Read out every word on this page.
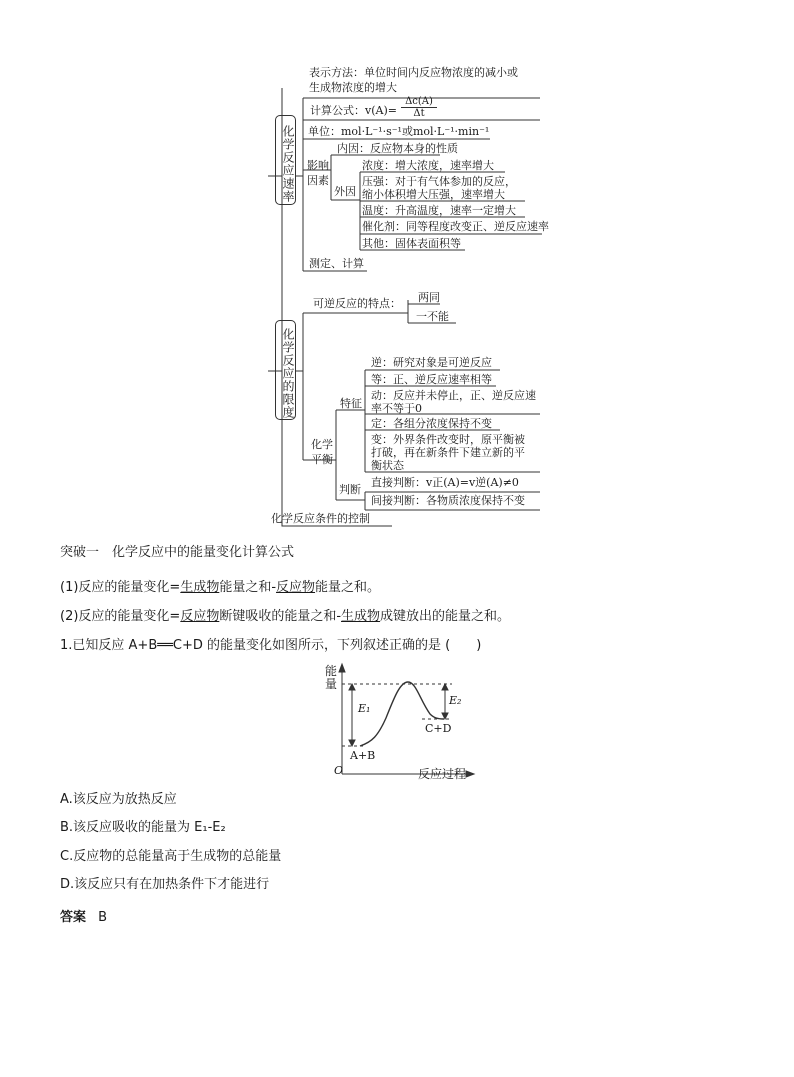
化学反应速率
化学反应的限度
表示方法：单位时间内反应物浓度的减小或
生成物浓度的增大
计算公式：$v(A)= \frac{\Delta c(A)}{\Delta t}$
单位：mol·L⁻¹·s⁻¹或mol·L⁻¹·min⁻¹
内因：反应物本身的性质
影响因素
外因
浓度：增大浓度，速率增大
压强：对于有气体参加的反应，
缩小体积增大压强，速率增大
温度：升高温度，速率一定增大
催化剂：同等程度改变正、逆反应速率
其他：固体表面积等
测定、计算
可逆反应的特点： 两同
一不能
化学平衡
特征
逆：研究对象是可逆反应
等：正、逆反应速率相等
动：反应并未停止，正、逆反应速
率不等于0
定：各组分浓度保持不变
变：外界条件改变时，原平衡被
打破，再在新条件下建立新的平
衡状态
判断
直接判断：v正(A)=v逆(A)≠0
间接判断：各物质浓度保持不变
化学反应条件的控制
突破一　化学反应中的能量变化计算公式
(1)反应的能量变化=生成物能量之和-反应物能量之和。
(2)反应的能量变化=反应物断键吸收的能量之和-生成物成键放出的能量之和。
1.已知反应 A+B══C+D 的能量变化如图所示，下列叙述正确的是 (　　)
能量
O	反应过程
E₁
E₂
A+B
C+D
A.该反应为放热反应
B.该反应吸收的能量为 E₁-E₂
C.反应物的总能量高于生成物的总能量
D.该反应只有在加热条件下才能进行
答案 B
